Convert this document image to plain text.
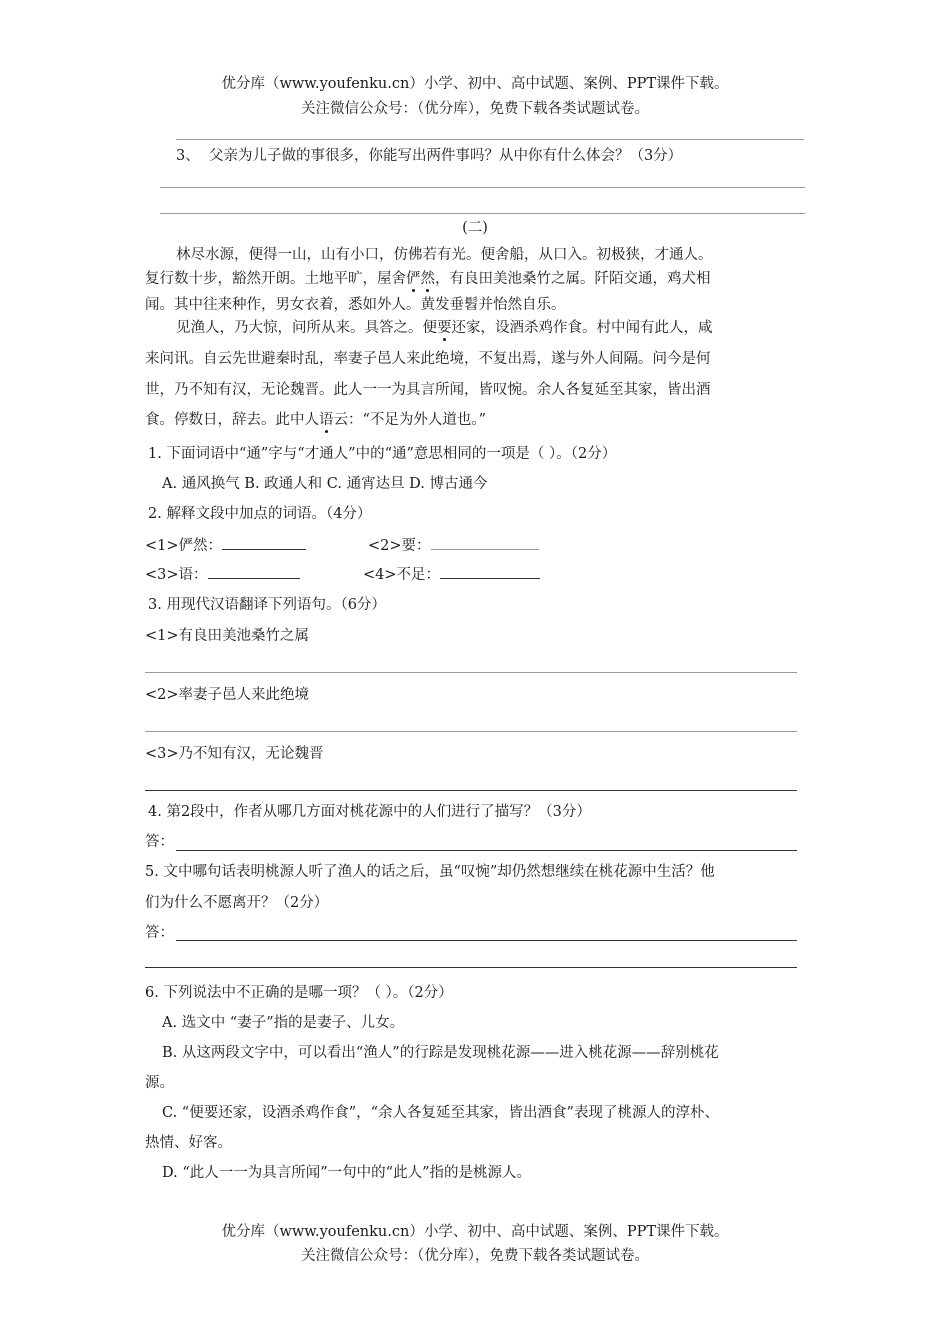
优分库（www.youfenku.cn）小学、初中、高中试题、案例、PPT课件下载。
关注微信公众号：（优分库），免费下载各类试题试卷。
3、 父亲为儿子做的事很多，你能写出两件事吗？从中你有什么体会？（3分）
(二)
林尽水源，便得一山，山有小口，仿佛若有光。便舍船，从口入。初极狭，才通人。
复行数十步，豁然开朗。土地平旷，屋舍俨然，有良田美池桑竹之属。阡陌交通，鸡犬相
闻。其中往来种作，男女衣着，悉如外人。黄发垂髫并怡然自乐。
见渔人，乃大惊，问所从来。具答之。便要还家，设酒杀鸡作食。村中闻有此人，咸
来问讯。自云先世避秦时乱，率妻子邑人来此绝境，不复出焉，遂与外人间隔。问今是何
世，乃不知有汉，无论魏晋。此人一一为具言所闻，皆叹惋。余人各复延至其家，皆出酒
食。停数日，辞去。此中人语云：“不足为外人道也。”
1. 下面词语中“通”字与“才通人”中的“通”意思相同的一项是（ ）。（2分）
A. 通风换气 B. 政通人和 C. 通宵达旦 D. 博古通今
2. 解释文段中加点的词语。（4分）
<1>俨然：	<2>要：
<3>语：	<4>不足：
3. 用现代汉语翻译下列语句。（6分）
<1>有良田美池桑竹之属
<2>率妻子邑人来此绝境
<3>乃不知有汉，无论魏晋
4. 第2段中，作者从哪几方面对桃花源中的人们进行了描写？（3分）
答：
5. 文中哪句话表明桃源人听了渔人的话之后，虽“叹惋”却仍然想继续在桃花源中生活？他
们为什么不愿离开？（2分）
答：
6. 下列说法中不正确的是哪一项？（ ）。（2分）
A. 选文中 “妻子”指的是妻子、儿女。
B. 从这两段文字中，可以看出“渔人”的行踪是发现桃花源——进入桃花源——辞别桃花
源。
C. “便要还家，设酒杀鸡作食”，“余人各复延至其家，皆出酒食”表现了桃源人的淳朴、
热情、好客。
D. “此人一一为具言所闻”一句中的“此人”指的是桃源人。
优分库（www.youfenku.cn）小学、初中、高中试题、案例、PPT课件下载。
关注微信公众号：（优分库），免费下载各类试题试卷。
